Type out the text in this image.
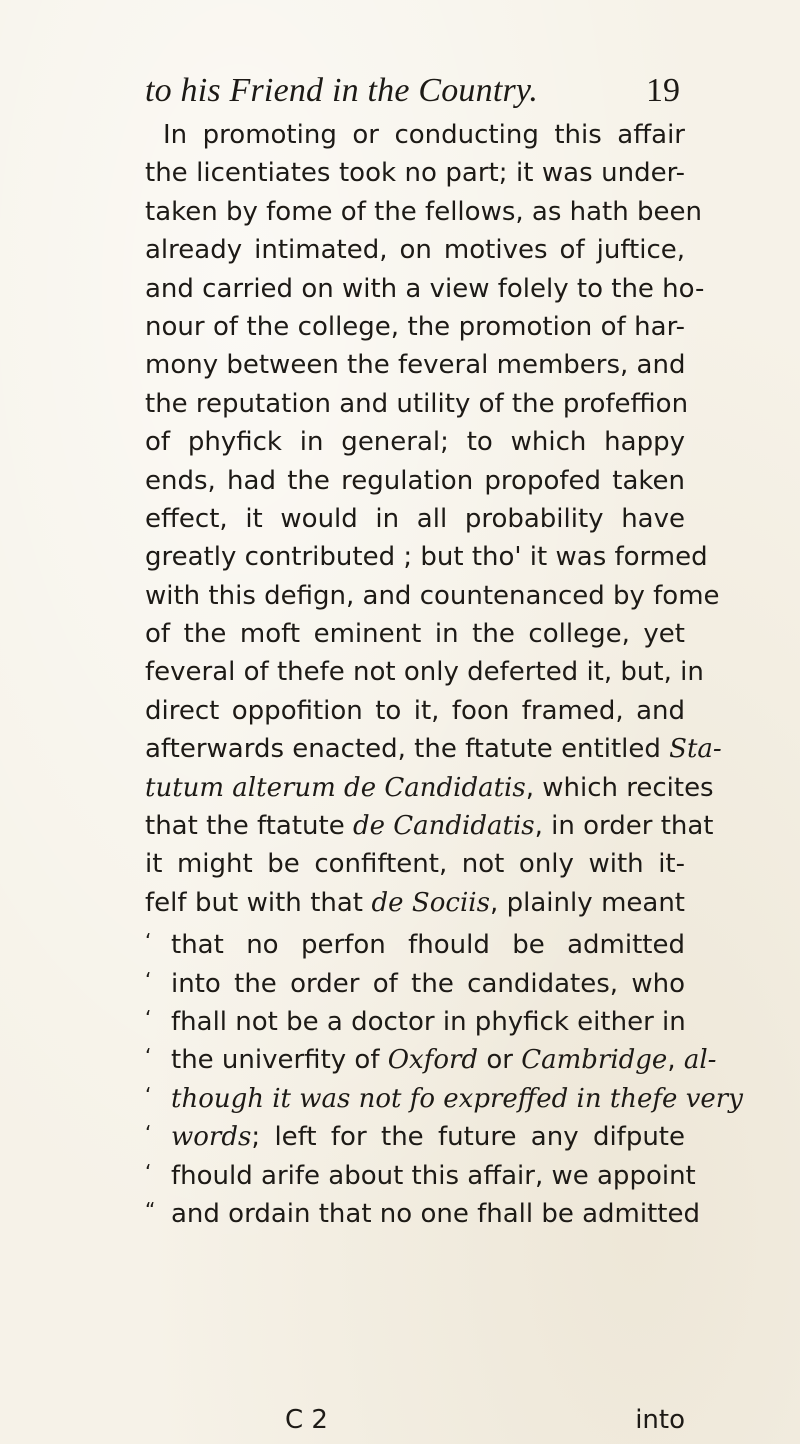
to his Friend in the Country.	19
In promoting or conducting this affair
the licentiates took no part; it was under-
taken by fome of the fellows, as hath been
already intimated, on motives of juftice,
and carried on with a view folely to the ho-
nour of the college, the promotion of har-
mony between the feveral members, and
the reputation and utility of the profeffion
of phyfick in general; to which happy
ends, had the regulation propofed taken
effect, it would in all probability have
greatly contributed ; but tho' it was formed
with this defign, and countenanced by fome
of the moft eminent in the college, yet
feveral of thefe not only deferted it, but, in
direct oppofition to it, foon framed, and
afterwards enacted, the ftatute entitled Sta-
tutum alterum de Candidatis, which recites
that the ftatute de Candidatis, in order that
it might be confiftent, not only with it-
felf but with that de Sociis, plainly meant
‘ that no perfon fhould be admitted
‘ into the order of the candidates, who
‘ fhall not be a doctor in phyfick either in
‘ the univerfity of Oxford or Cambridge, al-
‘ though it was not fo expreffed in thefe very
‘ words; left for the future any difpute
‘ fhould arife about this affair, we appoint
“ and ordain that no one fhall be admitted
C 2	into
